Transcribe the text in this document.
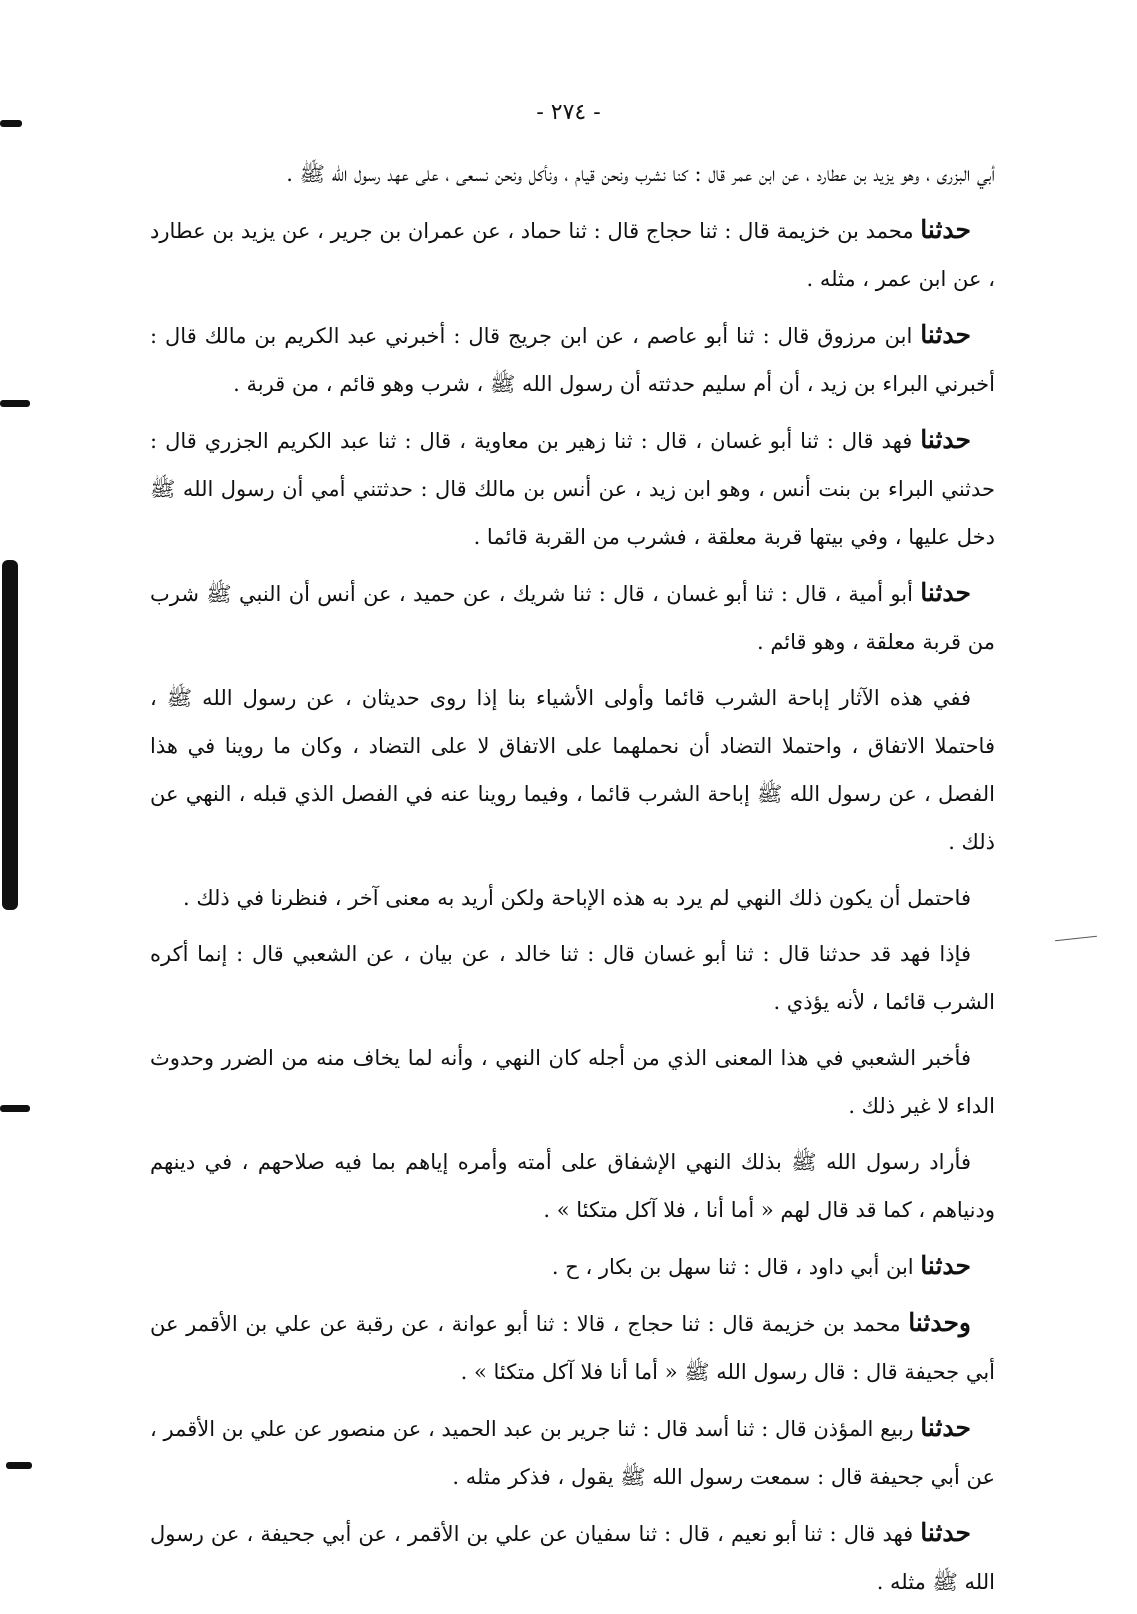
- ٢٧٤ -

أبي البزرى ، وهو يزيد بن عطارد ، عن ابن عمر قال : كنا نشرب ونحن قيام ، ونأكل ونحن نسعى ، على عهد رسول الله ﷺ .

حدثنا محمد بن خزيمة قال : ثنا حجاج قال : ثنا حماد ، عن عمران بن جرير ، عن يزيد بن عطارد ، عن ابن عمر ، مثله .

حدثنا ابن مرزوق قال : ثنا أبو عاصم ، عن ابن جريج قال : أخبرني عبد الكريم بن مالك قال : أخبرني البراء بن زيد ، أن أم سليم حدثته أن رسول الله ﷺ ، شرب وهو قائم ، من قربة .

حدثنا فهد قال : ثنا أبو غسان ، قال : ثنا زهير بن معاوية ، قال : ثنا عبد الكريم الجزري قال : حدثني البراء بن بنت أنس ، وهو ابن زيد ، عن أنس بن مالك قال : حدثتني أمي أن رسول الله ﷺ دخل عليها ، وفي بيتها قربة معلقة ، فشرب من القربة قائما .

حدثنا أبو أمية ، قال : ثنا أبو غسان ، قال : ثنا شريك ، عن حميد ، عن أنس أن النبي ﷺ شرب من قربة معلقة ، وهو قائم .

ففي هذه الآثار إباحة الشرب قائما وأولى الأشياء بنا إذا روى حديثان ، عن رسول الله ﷺ ، فاحتملا الاتفاق ، واحتملا التضاد أن نحملهما على الاتفاق لا على التضاد ، وكان ما روينا في هذا الفصل ، عن رسول الله ﷺ إباحة الشرب قائما ، وفيما روينا عنه في الفصل الذي قبله ، النهي عن ذلك .

فاحتمل أن يكون ذلك النهي لم يرد به هذه الإباحة ولكن أريد به معنى آخر ، فنظرنا في ذلك .

فإذا فهد قد حدثنا قال : ثنا أبو غسان قال : ثنا خالد ، عن بيان ، عن الشعبي قال : إنما أكره الشرب قائما ، لأنه يؤذي .

فأخبر الشعبي في هذا المعنى الذي من أجله كان النهي ، وأنه لما يخاف منه من الضرر وحدوث الداء لا غير ذلك .

فأراد رسول الله ﷺ بذلك النهي الإشفاق على أمته وأمره إياهم بما فيه صلاحهم ، في دينهم ودنياهم ، كما قد قال لهم « أما أنا ، فلا آكل متكئا » .

حدثنا ابن أبي داود ، قال : ثنا سهل بن بكار ، ح .

وحدثنا محمد بن خزيمة قال : ثنا حجاج ، قالا : ثنا أبو عوانة ، عن رقبة عن علي بن الأقمر عن أبي جحيفة قال : قال رسول الله ﷺ « أما أنا فلا آكل متكئا » .

حدثنا ربيع المؤذن قال : ثنا أسد قال : ثنا جرير بن عبد الحميد ، عن منصور عن علي بن الأقمر ، عن أبي جحيفة قال : سمعت رسول الله ﷺ يقول ، فذكر مثله .

حدثنا فهد قال : ثنا أبو نعيم ، قال : ثنا سفيان عن علي بن الأقمر ، عن أبي جحيفة ، عن رسول الله ﷺ مثله .
